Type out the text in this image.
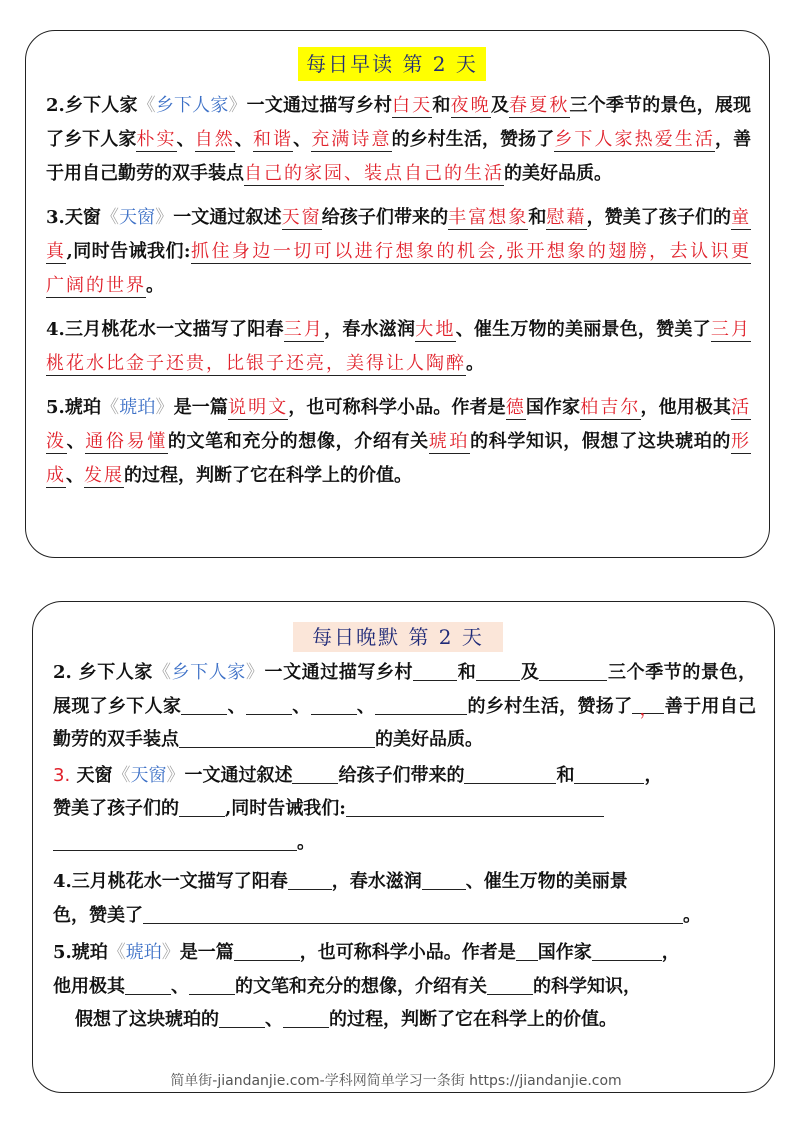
每日早读 第 2 天

2.乡下人家《乡下人家》一文通过描写乡村白天和夜晚及春夏秋三个季节的景色，展现了乡下人家朴实、自然、和谐、充满诗意的乡村生活，赞扬了乡下人家热爱生活，善于用自己勤劳的双手装点自己的家园、装点自己的生活的美好品质。

3.天窗《天窗》一文通过叙述天窗给孩子们带来的丰富想象和慰藉，赞美了孩子们的童真,同时告诫我们:抓住身边一切可以进行想象的机会,张开想象的翅膀，去认识更广阔的世界。

4.三月桃花水一文描写了阳春三月，春水滋润大地、催生万物的美丽景色，赞美了三月桃花水比金子还贵，比银子还亮，美得让人陶醉。

5.琥珀《琥珀》是一篇说明文，也可称科学小品。作者是德国作家柏吉尔，他用极其活泼、通俗易懂的文笔和充分的想像，介绍有关琥珀的科学知识，假想了这块琥珀的形成、发展的过程，判断了它在科学上的价值。

每日晚默 第 2 天

2. 乡下人家《乡下人家》一文通过描写乡村 和 及	三个季节的景色，展现了乡下人家	、	、	、	的乡村生活，赞扬了 ， 善于用自己勤劳的双手装点	的美好品质。

3. 天窗《天窗》一文通过叙述	给孩子们带来的	和	，
赞美了孩子们的	,同时告诫我们:
。

4.三月桃花水一文描写了阳春 ，春水滋润 、催生万物的美丽景
色，赞美了	。

5.琥珀《琥珀》是一篇	，也可称科学小品。作者是 国作家	，
他用极其	、	的文笔和充分的想像，介绍有关	的科学知识，
假想了这块琥珀的	、	的过程，判断了它在科学上的价值。

简单街-jiandanjie.com-学科网简单学习一条街 https://jiandanjie.com
